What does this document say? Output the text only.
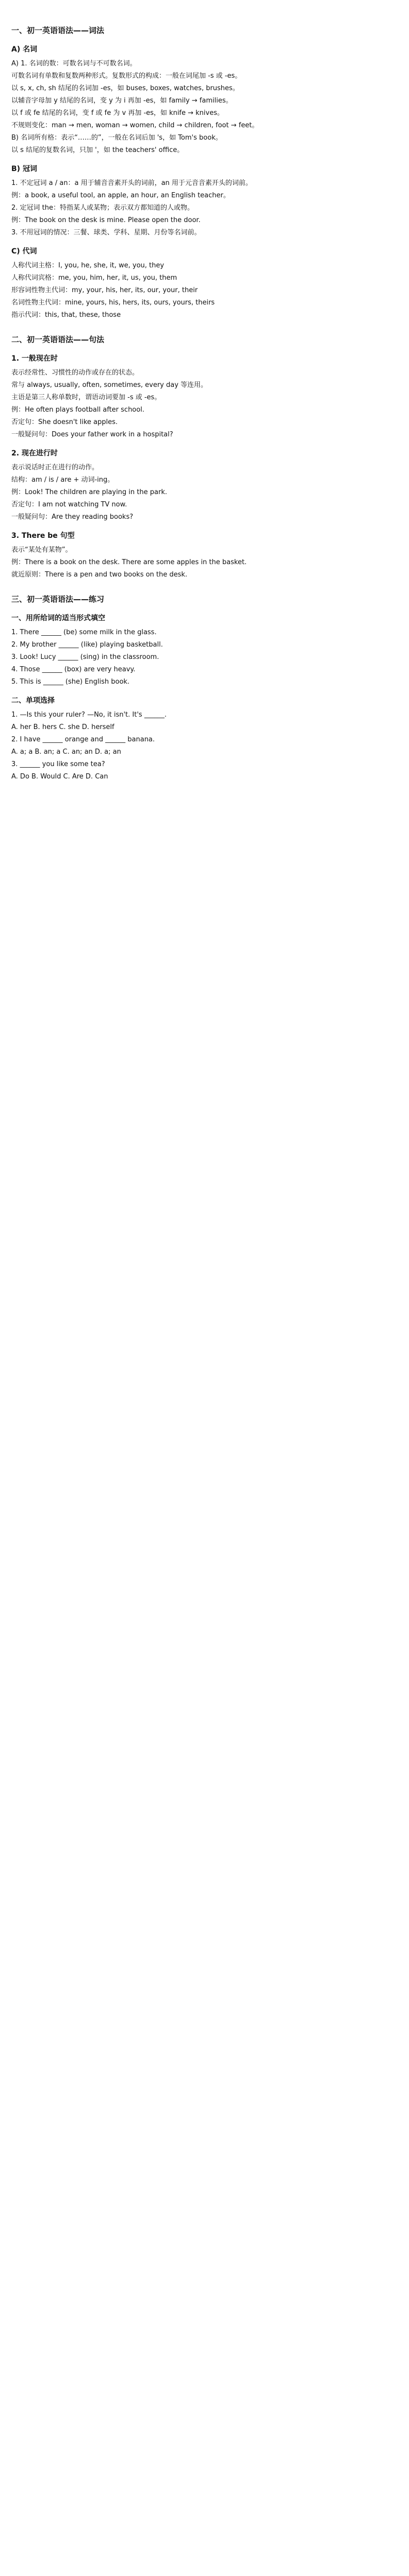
一、初一英语语法——词法
A) 名词
A) 1. 名词的数：可数名词与不可数名词。
可数名词有单数和复数两种形式。复数形式的构成：一般在词尾加 -s 或 -es。
以 s, x, ch, sh 结尾的名词加 -es，如 buses, boxes, watches, brushes。
以辅音字母加 y 结尾的名词，变 y 为 i 再加 -es，如 family → families。
以 f 或 fe 结尾的名词，变 f 或 fe 为 v 再加 -es，如 knife → knives。
不规则变化：man → men, woman → women, child → children, foot → feet。
B) 名词所有格：表示“……的”，一般在名词后加 's，如 Tom's book。
以 s 结尾的复数名词，只加 '，如 the teachers' office。
B) 冠词
1. 不定冠词 a / an：a 用于辅音音素开头的词前，an 用于元音音素开头的词前。
例：a book, a useful tool, an apple, an hour, an English teacher。
2. 定冠词 the：特指某人或某物；表示双方都知道的人或物。
例：The book on the desk is mine. Please open the door.
3. 不用冠词的情况：三餐、球类、学科、星期、月份等名词前。
C) 代词
人称代词主格：I, you, he, she, it, we, you, they
人称代词宾格：me, you, him, her, it, us, you, them
形容词性物主代词：my, your, his, her, its, our, your, their
名词性物主代词：mine, yours, his, hers, its, ours, yours, theirs
指示代词：this, that, these, those
二、初一英语语法——句法
1. 一般现在时
表示经常性、习惯性的动作或存在的状态。
常与 always, usually, often, sometimes, every day 等连用。
主语是第三人称单数时，谓语动词要加 -s 或 -es。
例：He often plays football after school.
否定句：She doesn't like apples.
一般疑问句：Does your father work in a hospital?
2. 现在进行时
表示说话时正在进行的动作。
结构：am / is / are + 动词-ing。
例：Look! The children are playing in the park.
否定句：I am not watching TV now.
一般疑问句：Are they reading books?
3. There be 句型
表示“某处有某物”。
例：There is a book on the desk. There are some apples in the basket.
就近原则：There is a pen and two books on the desk.
三、初一英语语法——练习
一、用所给词的适当形式填空
1. There ______ (be) some milk in the glass.
2. My brother ______ (like) playing basketball.
3. Look! Lucy ______ (sing) in the classroom.
4. Those ______ (box) are very heavy.
5. This is ______ (she) English book.
二、单项选择
1. —Is this your ruler? —No, it isn't. It's ______.
A. her B. hers C. she D. herself
2. I have ______ orange and ______ banana.
A. a; a B. an; a C. an; an D. a; an
3. ______ you like some tea?
A. Do B. Would C. Are D. Can
